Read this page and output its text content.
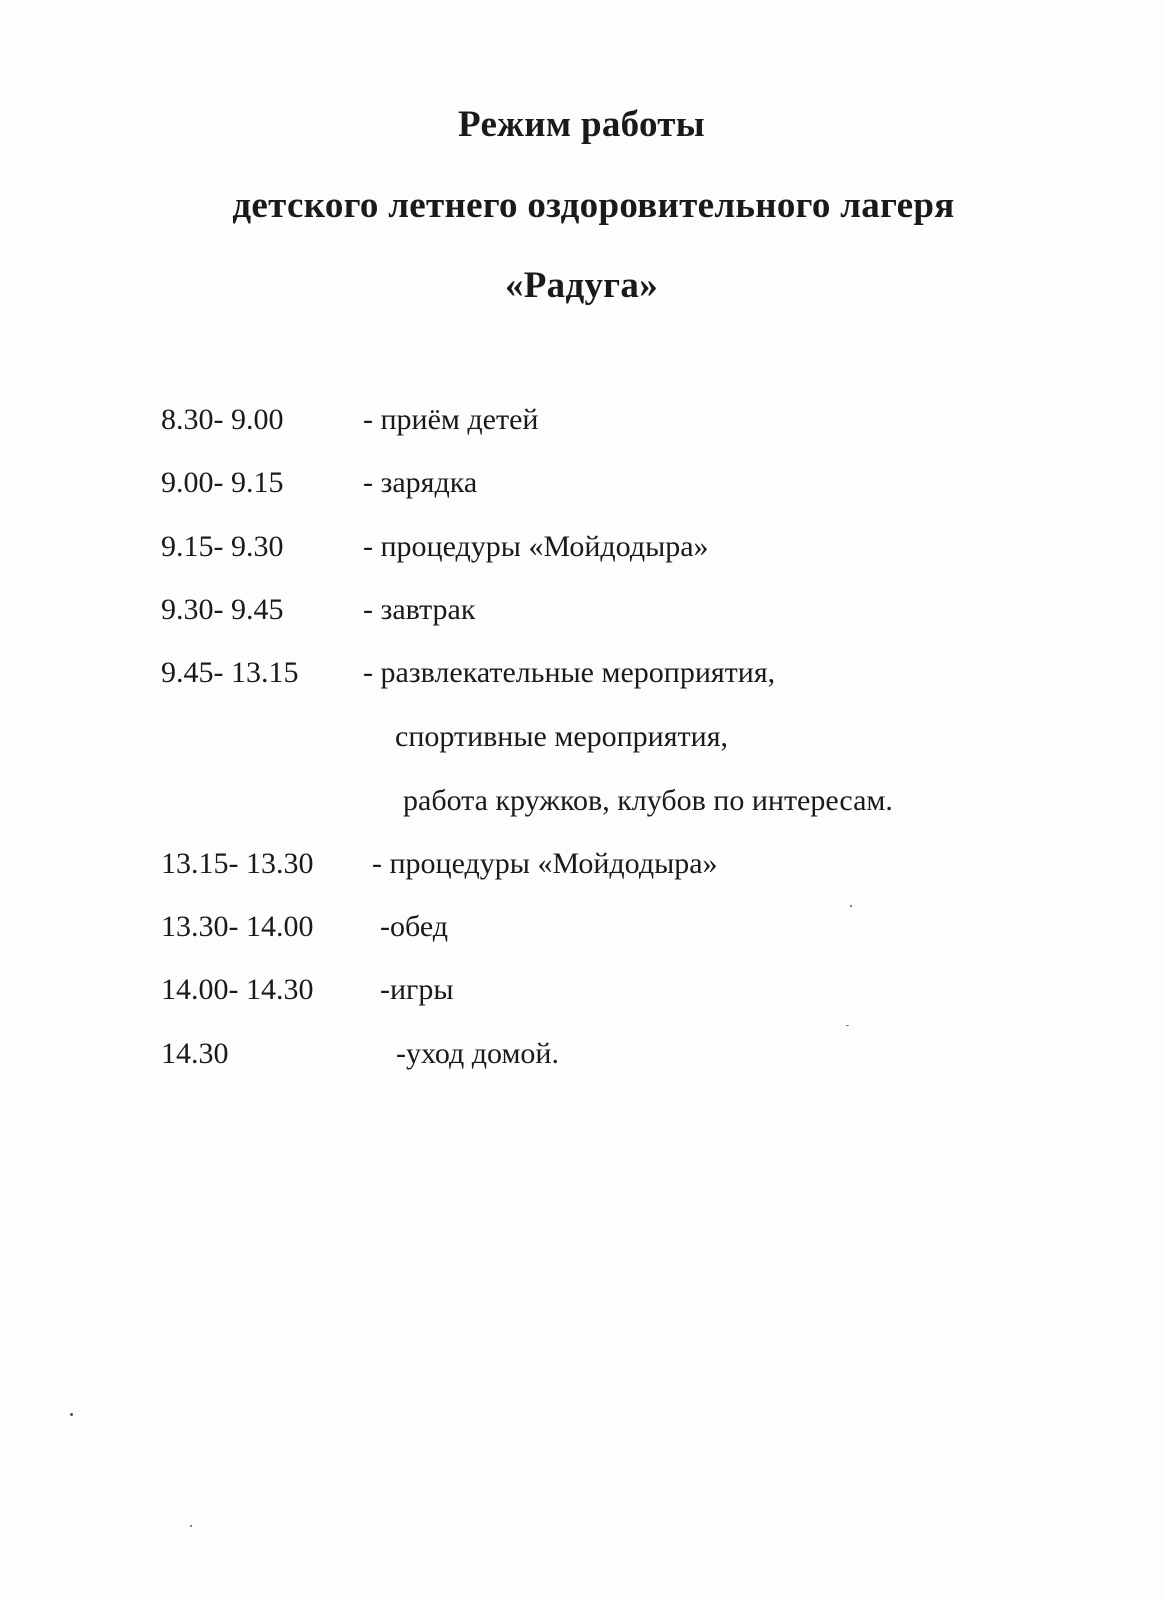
Режим работы
детского летнего оздоровительного лагеря
«Радуга»
8.30- 9.00	- приём детей
9.00- 9.15	- зарядка
9.15- 9.30	- процедуры «Мойдодыра»
9.30- 9.45	- завтрак
9.45- 13.15 - развлекательные мероприятия,
спортивные мероприятия,
работа кружков, клубов по интересам.
13.15- 13.30 - процедуры «Мойдодыра»
13.30- 14.00 -обед
14.00- 14.30 -игры
14.30	-уход домой.
